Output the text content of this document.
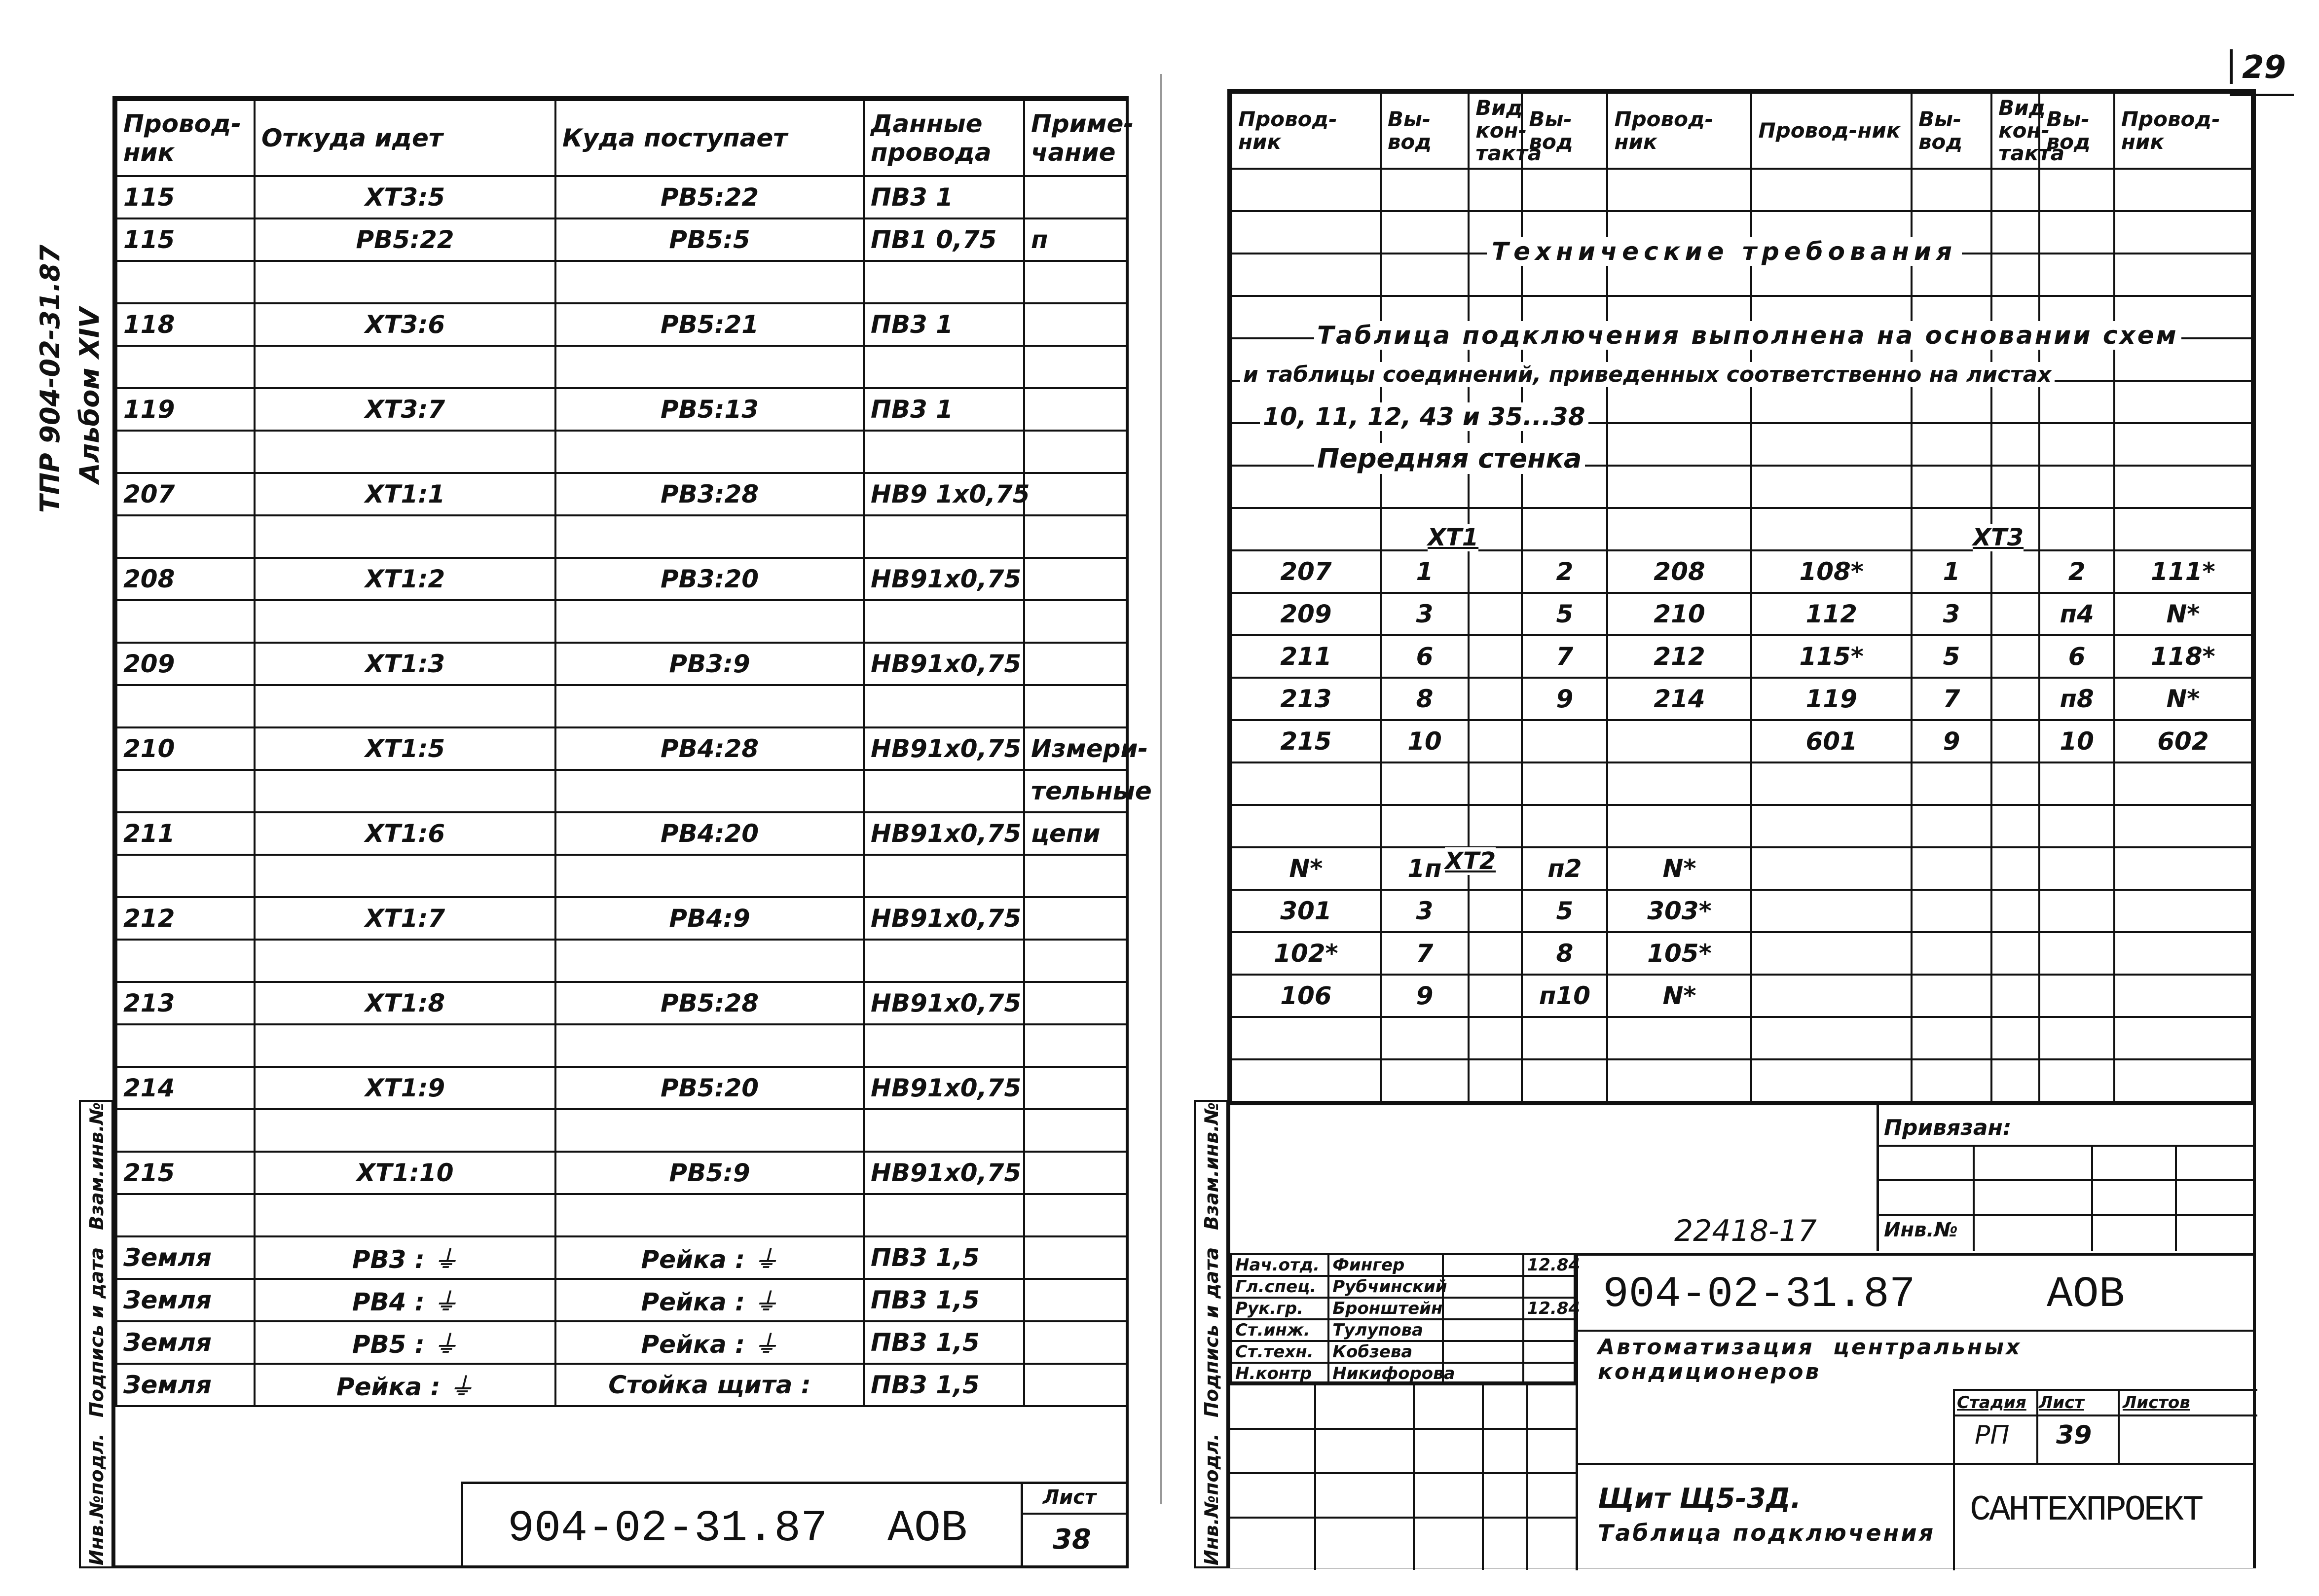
29
ТПР 904-02-31.87 Альбом XIV
Взам.инв.№
Подпись и дата
Инв.№подл.
Провод-ник	Откуда идет	Куда поступает	Данные провода	Приме-чание
115	XT3:5	PB5:22	ПВ3 1	
115	PB5:22	PB5:5	ПВ1 0,75	п

118	XT3:6	PB5:21	ПВ3 1	

119	XT3:7	PB5:13	ПВ3 1	

207	XT1:1	PB3:28	НВ9 1x0,75	

208	XT1:2	PB3:20	НВ91x0,75	

209	XT1:3	PB3:9	НВ91x0,75	

210	XT1:5	PB4:28	НВ91x0,75	Измери-
				тельные
211	XT1:6	PB4:20	НВ91x0,75	цепи

212	XT1:7	PB4:9	НВ91x0,75	

213	XT1:8	PB5:28	НВ91x0,75	

214	XT1:9	PB5:20	НВ91x0,75	

215	XT1:10	PB5:9	НВ91x0,75	

Земля	PB3 : ⏚	Рейка : ⏚	ПВ3 1,5	
Земля	PB4 : ⏚	Рейка : ⏚	ПВ3 1,5	
Земля	PB5 : ⏚	Рейка : ⏚	ПВ3 1,5	
Земля	Рейка : ⏚	Стойка щита :	ПВ3 1,5	
904-02-31.87 АОВ
Лист
38
Взам.инв.№
Подпись и дата
Инв.№подл.
Провод-ник	Вы-вод	Вид кон-такта	Вы-вод	Провод-ник	Провод-ник	Вы-вод	Вид кон-такта	Вы-вод	Провод-ник

207	1		2	208	108*	1		2	111*
209	3		5	210	112	3		п4	N*
211	6		7	212	115*	5		6	118*
213	8		9	214	119	7		п8	N*
215	10				601	9		10	602

N*	1п		п2	N*					
301	3		5	303*					
102*	7		8	105*					
106	9		п10	N*					

Технические требования
Таблица подключения выполнена на основании схем
и таблицы соединений, приведенных соответственно на листах
10, 11, 12, 43 и 35...38
Передняя стенка
XT1	XT3
XT2
Привязан:
Инв.№
22418-17
Нач.отд.	Фингер		12.84
Гл.спец.	Рубчинский		
Рук.гр.	Бронштейн		12.84
Ст.инж.	Тулупова		
Ст.техн.	Кобзева		
Н.контр	Никифорова		
904-02-31.87	АОВ
Автоматизация  центральных
кондиционеров
Стадия Лист Листов
РП 39
Щит Щ5-3Д.
Таблица подключения
САНТЕХПРОЕКТ
